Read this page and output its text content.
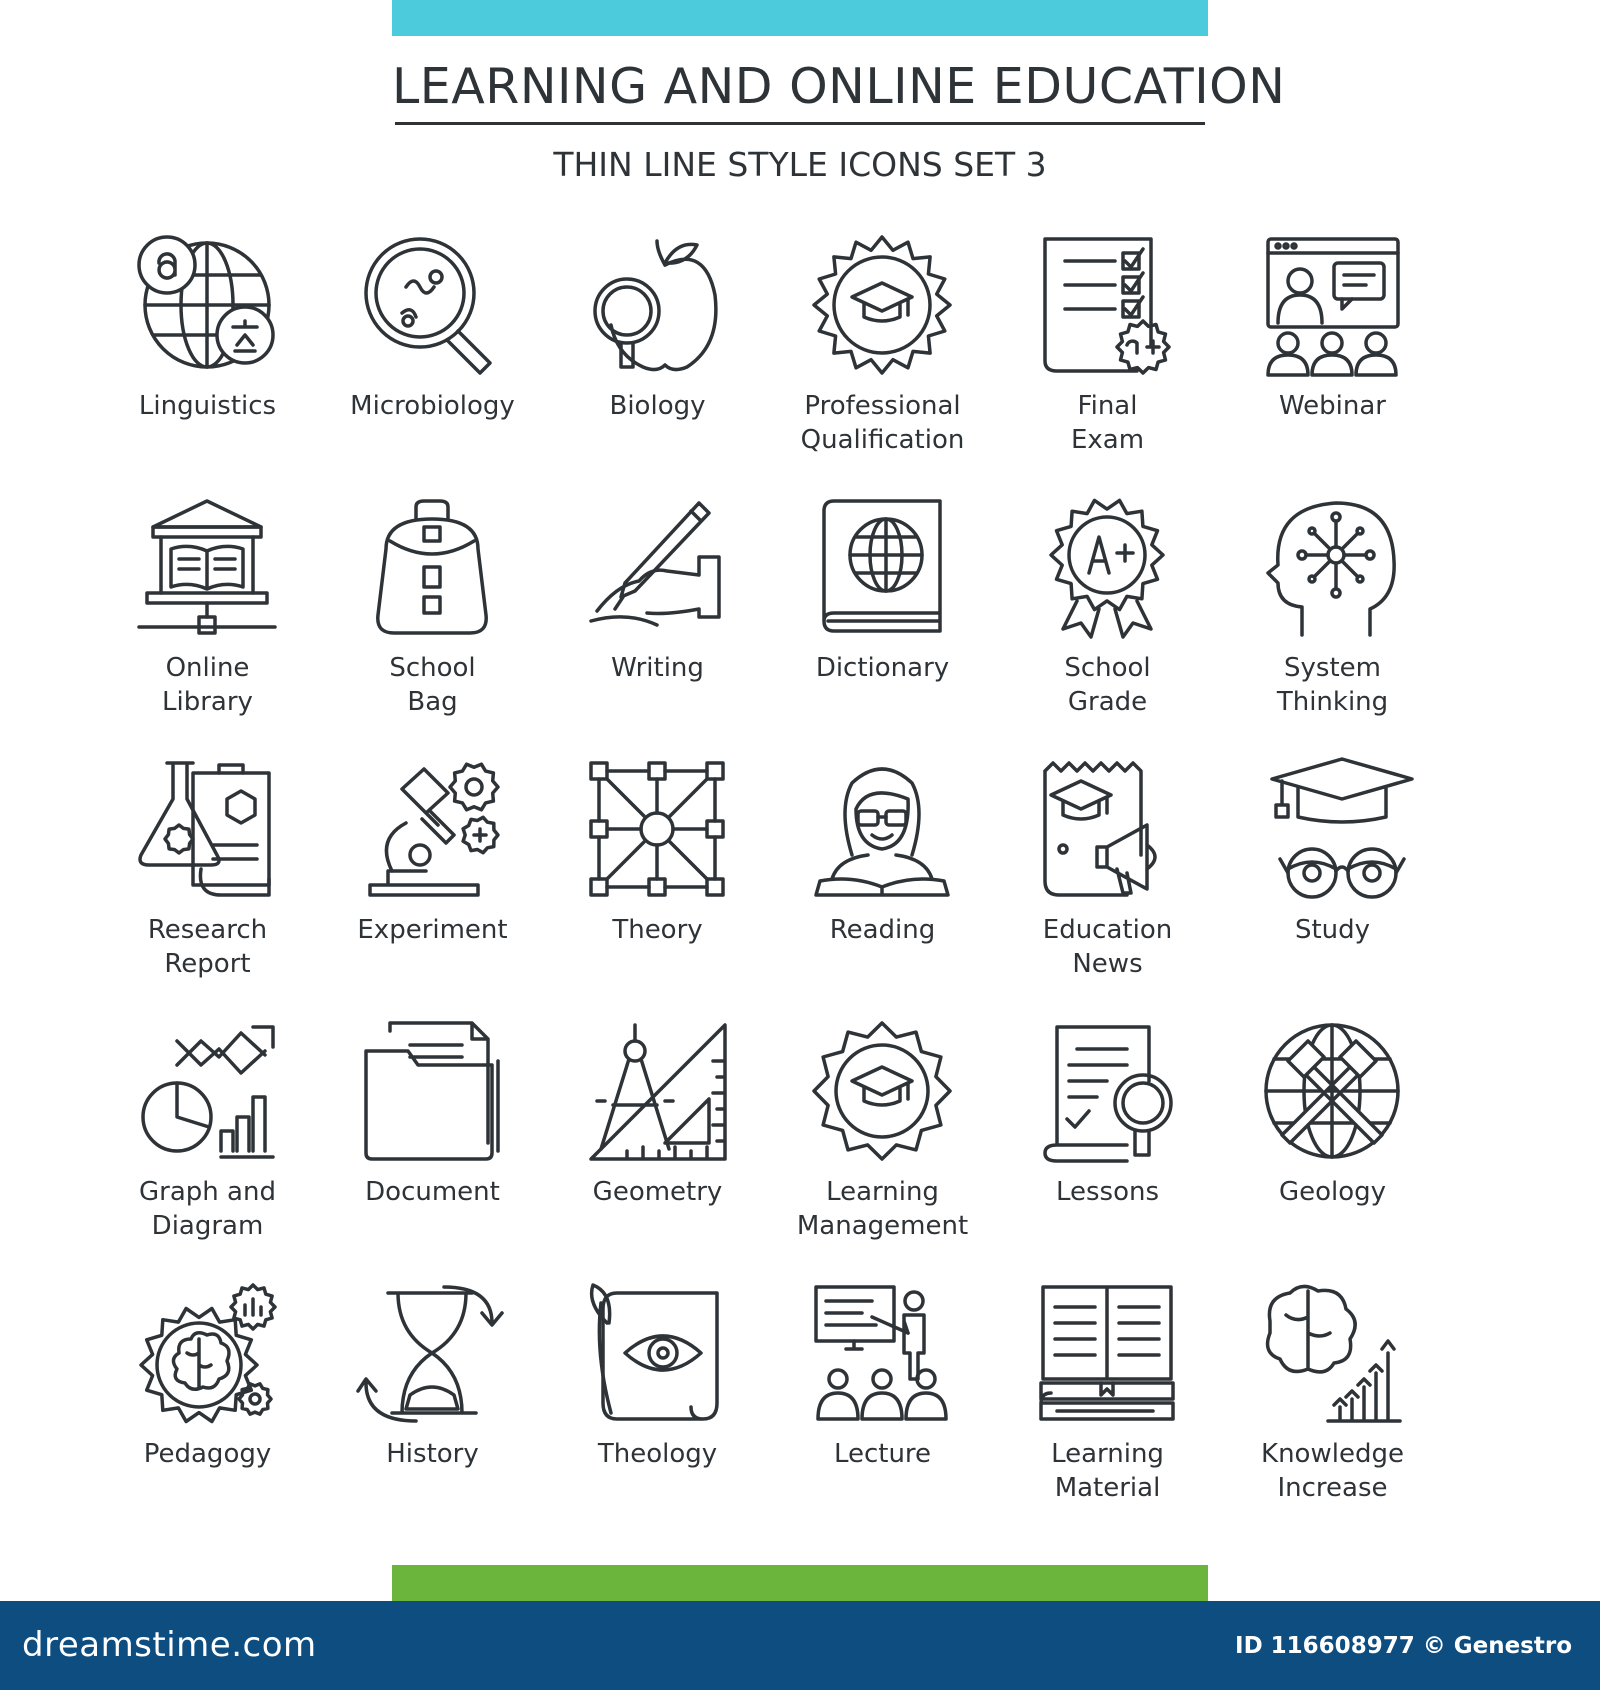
LEARNING AND ONLINE EDUCATION
THIN LINE STYLE ICONS SET 3
Linguistics	Microbiology	Biology	Professional
Qualification
Final
Exam
Webinar
Online
Library
School
Bag
Writing	Dictionary	School
Grade
System
Thinking
Research
Report
Experiment	Theory	Reading	Education
News
Study
Graph and
Diagram
Document	Geometry	Learning
Management
Lessons	Geology
Pedagogy	History	Theology	Lecture	Learning
Material
Knowledge
Increase
dreamstime.com	ID 116608977 © Genestro
